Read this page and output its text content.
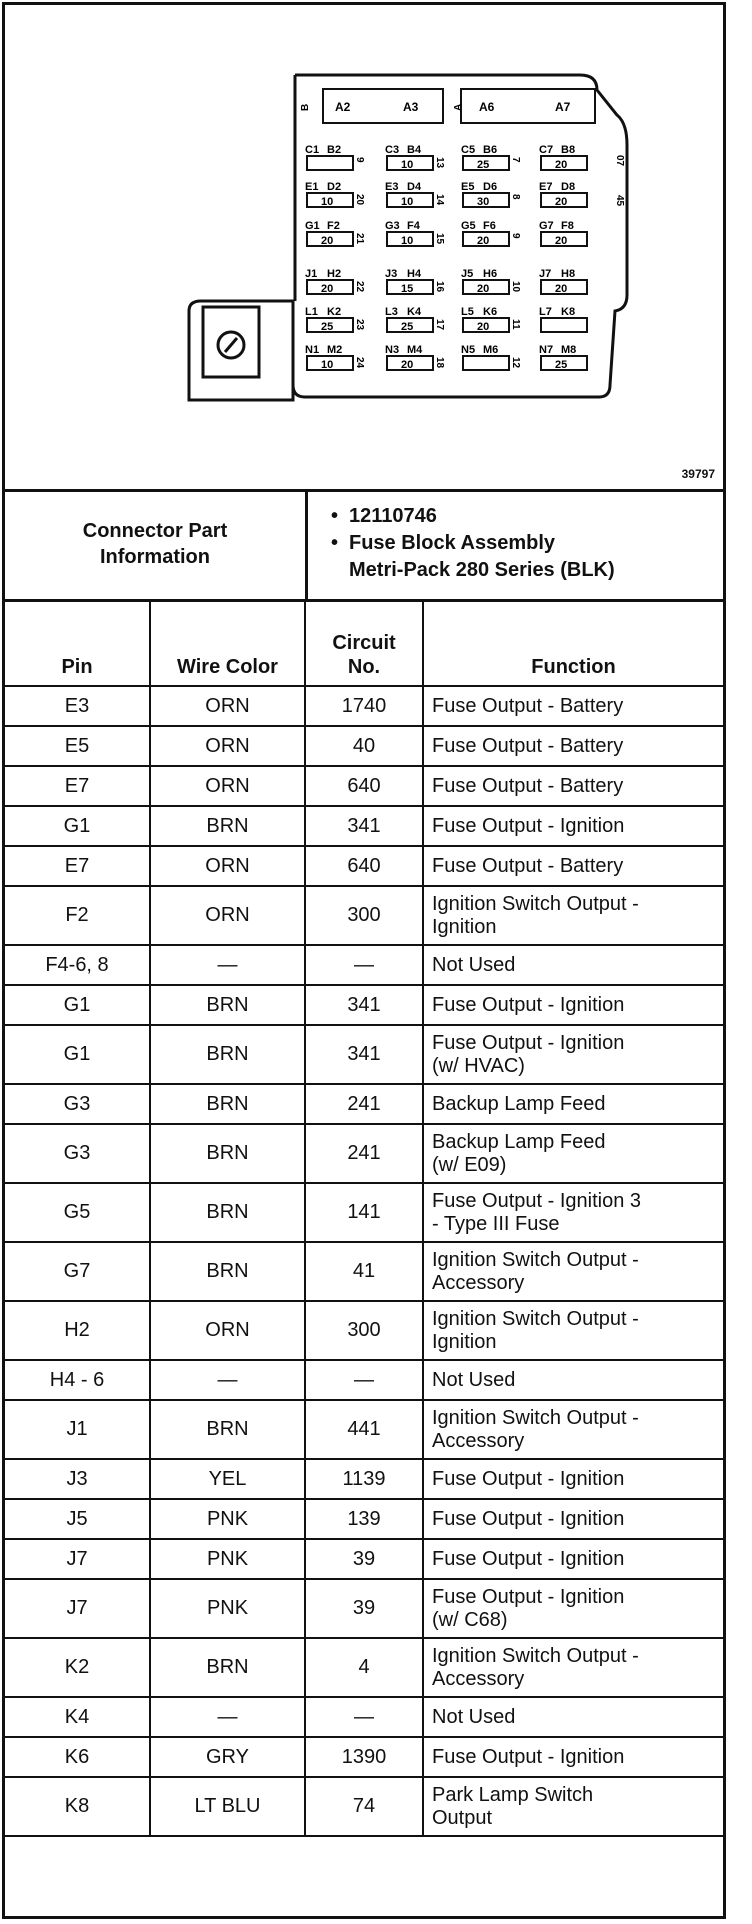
A2	A3	A6	A7
B	A
07
45
C1 B2
9
C3 B4
13
C5 B6
7
C7 B8
10	25	20
E1 D2
20
E3 D4
14
E5 D6
8
E7 D8
10	10	30	20
G1 F2
21
G3 F4
15
G5 F6
9
G7 F8
20	10	20	20
J1 H2
22
J3 H4
16
J5 H6
10
J7 H8
20	15	20	20
L1 K2
23
L3 K4
17
L5 K6
11
L7 K8
25	25	20
N1 M2
24
N3 M4
18
N5 M6
12
N7 M8
10	20	25
39797
Connector Part
Information
• 12110746
• Fuse Block Assembly
Metri-Pack 280 Series (BLK)
Pin	Wire Color	Circuit
No.	Function
E3	ORN	1740	Fuse Output - Battery
E5	ORN	40	Fuse Output - Battery
E7	ORN	640	Fuse Output - Battery
G1	BRN	341	Fuse Output - Ignition
E7	ORN	640	Fuse Output - Battery
F2	ORN	300	Ignition Switch Output -
Ignition
F4-6, 8	—	—	Not Used
G1	BRN	341	Fuse Output - Ignition
G1	BRN	341	Fuse Output - Ignition
(w/ HVAC)
G3	BRN	241	Backup Lamp Feed
G3	BRN	241	Backup Lamp Feed
(w/ E09)
G5	BRN	141	Fuse Output - Ignition 3
- Type III Fuse
G7	BRN	41	Ignition Switch Output -
Accessory
H2	ORN	300	Ignition Switch Output -
Ignition
H4 - 6	—	—	Not Used
J1	BRN	441	Ignition Switch Output -
Accessory
J3	YEL	1139	Fuse Output - Ignition
J5	PNK	139	Fuse Output - Ignition
J7	PNK	39	Fuse Output - Ignition
J7	PNK	39	Fuse Output - Ignition
(w/ C68)
K2	BRN	4	Ignition Switch Output -
Accessory
K4	—	—	Not Used
K6	GRY	1390	Fuse Output - Ignition
K8	LT BLU	74	Park Lamp Switch
Output
